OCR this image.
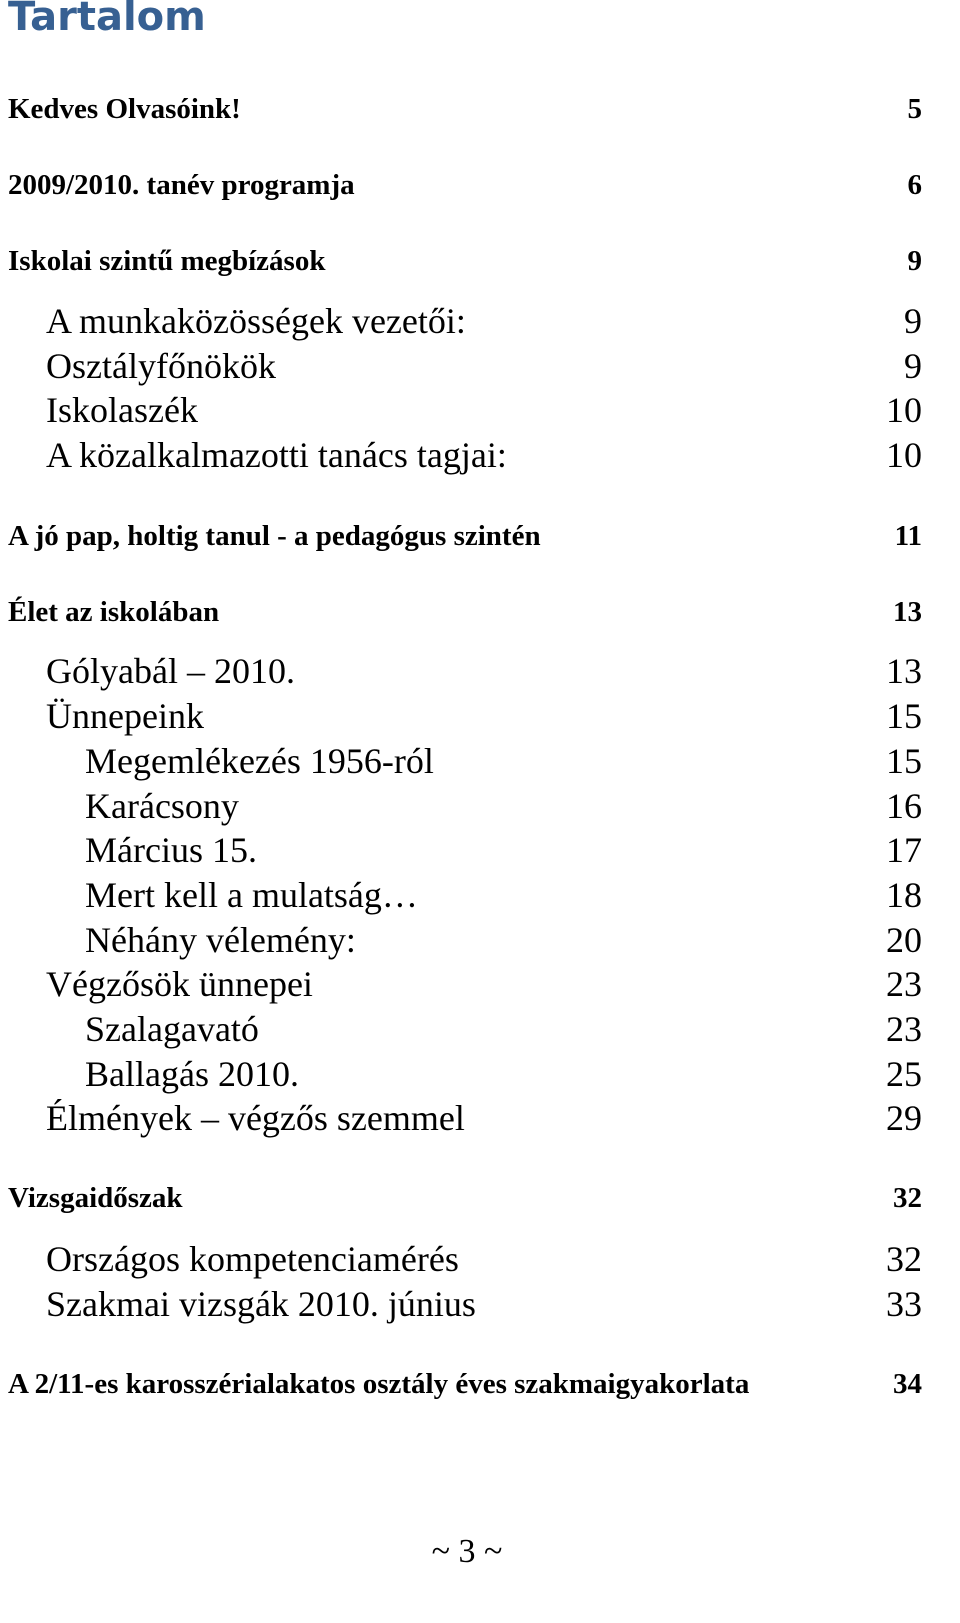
Tartalom
Kedves Olvasóink!	5
2009/2010. tanév programja	6
Iskolai szintű megbízások	9
A munkaközösségek vezetői:	9
Osztályfőnökök	9
Iskolaszék	10
A közalkalmazotti tanács tagjai:	10
A jó pap, holtig tanul - a pedagógus szintén	11
Élet az iskolában	13
Gólyabál – 2010.	13
Ünnepeink	15
Megemlékezés 1956-ról	15
Karácsony	16
Március 15.	17
Mert kell a mulatság…	18
Néhány vélemény:	20
Végzősök ünnepei	23
Szalagavató	23
Ballagás 2010.	25
Élmények – végzős szemmel	29
Vizsgaidőszak	32
Országos kompetenciamérés	32
Szakmai vizsgák 2010. június	33
A 2/11-es karosszérialakatos osztály éves szakmaigyakorlata	34
~ 3 ~
